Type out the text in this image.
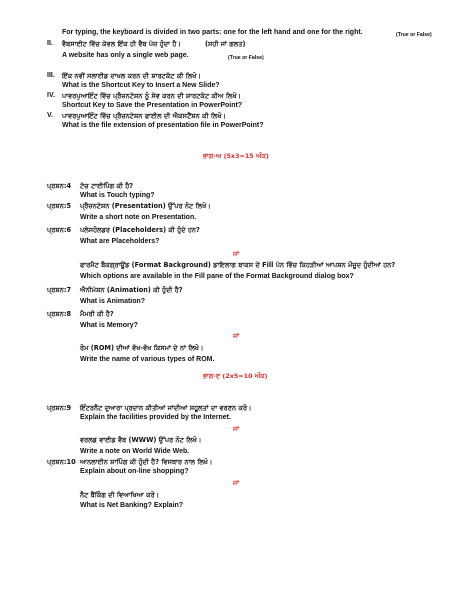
For typing, the keyboard is divided in two parts: one for the left hand and one for the right.	(True or False)
II. ਵੈਬਸਾਈਟ ਵਿੱਚ ਕੇਵਲ ਇੱਕ ਹੀ ਵੈਬ ਪੇਜ਼ ਹੁੰਦਾ ਹੈ।	(ਸਹੀ ਜਾਂ ਗਲਤ)
A website has only a single web page.	(True or False)
III. ਇੱਕ ਨਵੀਂ ਸਲਾਈਡ ਦਾਖਲ ਕਰਨ ਦੀ ਸ਼ਾਰਟਕੱਟ ਕੀ ਲਿਖੋ।
What is the Shortcut Key to Insert a New Slide?
IV. ਪਾਵਰਪੁਆਇੰਟ ਵਿੱਚ ਪ੍ਰੈਜ਼ਨਟੇਸ਼ਨ ਨੂੰ ਸੇਵ ਕਰਨ ਦੀ ਸ਼ਾਰਟਕੱਟ ਕੀਅ ਲਿਖੋ।
Shortcut Key to Save the Presentation in PowerPoint?
V. ਪਾਵਰਪੁਆਇੰਟ ਵਿੱਚ ਪ੍ਰੈਜ਼ਨਟੇਸ਼ਨ ਫਾਈਲ ਦੀ ਐਕਸਟੈਂਸ਼ਨ ਕੀ ਲਿਖੋ।
What is the file extension of presentation file in PowerPoint?
ਭਾਗ-ਅ (5x3=15 ਅੰਕ)
ਪ੍ਰਸ਼ਨ:4 ਟੱਚ ਟਾਈਪਿੰਗ ਕੀ ਹੈ?
What is Touch typing?
ਪ੍ਰਸ਼ਨ:5 ਪ੍ਰੈਜ਼ਨਟੇਸ਼ਨ (Presentation) ਉੱਪਰ ਨੋਟ ਲਿਖੋ।
Write a short note on Presentation.
ਪ੍ਰਸ਼ਨ:6 ਪਲੇਸਹੋਲਡਰ (Placeholders) ਕੀ ਹੁੰਦੇ ਹਨ?
What are Placeholders?
ਜਾਂ
ਫਾਰਮੈਟ ਬੈਕਗ੍ਰਾਊਂਡ (Format Background) ਡਾਇਲਾਗ ਬਾਕਸ ਦੇ Fill ਪੇਨ ਵਿੱਚ ਕਿਹੜੀਆਂ ਆਪਸ਼ਨ ਮੌਜੂਦ ਹੁੰਦੀਆਂ ਹਨ?
Which options are available in the Fill pane of the Format Background dialog box?
ਪ੍ਰਸ਼ਨ:7 ਐਨੀਮੇਸ਼ਨ (Animation) ਕੀ ਹੁੰਦੀ ਹੈ?
What is Animation?
ਪ੍ਰਸ਼ਨ:8 ਮੈਮਰੀ ਕੀ ਹੈ?
What is Memory?
ਜਾਂ
ਰੋਮ (ROM) ਦੀਆਂ ਵੱਖ-ਵੱਖ ਕਿਸਮਾਂ ਦੇ ਨਾਂ ਲਿਖੋ।
Write the name of various types of ROM.
ਭਾਗ-ੲ (2x5=10 ਅੰਕ)
ਪ੍ਰਸ਼ਨ:9 ਇੰਟਰਨੈਟ ਦੁਆਰਾ ਪ੍ਰਦਾਨ ਕੀਤੀਆਂ ਜਾਂਦੀਆਂ ਸਹੂਲਤਾਂ ਦਾ ਵਰਣਨ ਕਰੋ।
Explain the facilities provided by the Internet.
ਜਾਂ
ਵਰਲਡ ਵਾਈਡ ਵੈਬ (WWW) ਉੱਪਰ ਨੋਟ ਲਿਖੋ।
Write a note on World Wide Web.
ਪ੍ਰਸ਼ਨ:10 ਆਨਲਾਈਨ ਸ਼ਾਪਿੰਗ ਕੀ ਹੁੰਦੀ ਹੈ? ਵਿਸਥਾਰ ਨਾਲ ਲਿਖੋ।
Explain about on-line shopping?
ਜਾਂ
ਨੈਟ ਬੈਂਕਿੰਗ ਦੀ ਵਿਆਖਿਆ ਕਰੋ।
What is Net Banking? Explain?
